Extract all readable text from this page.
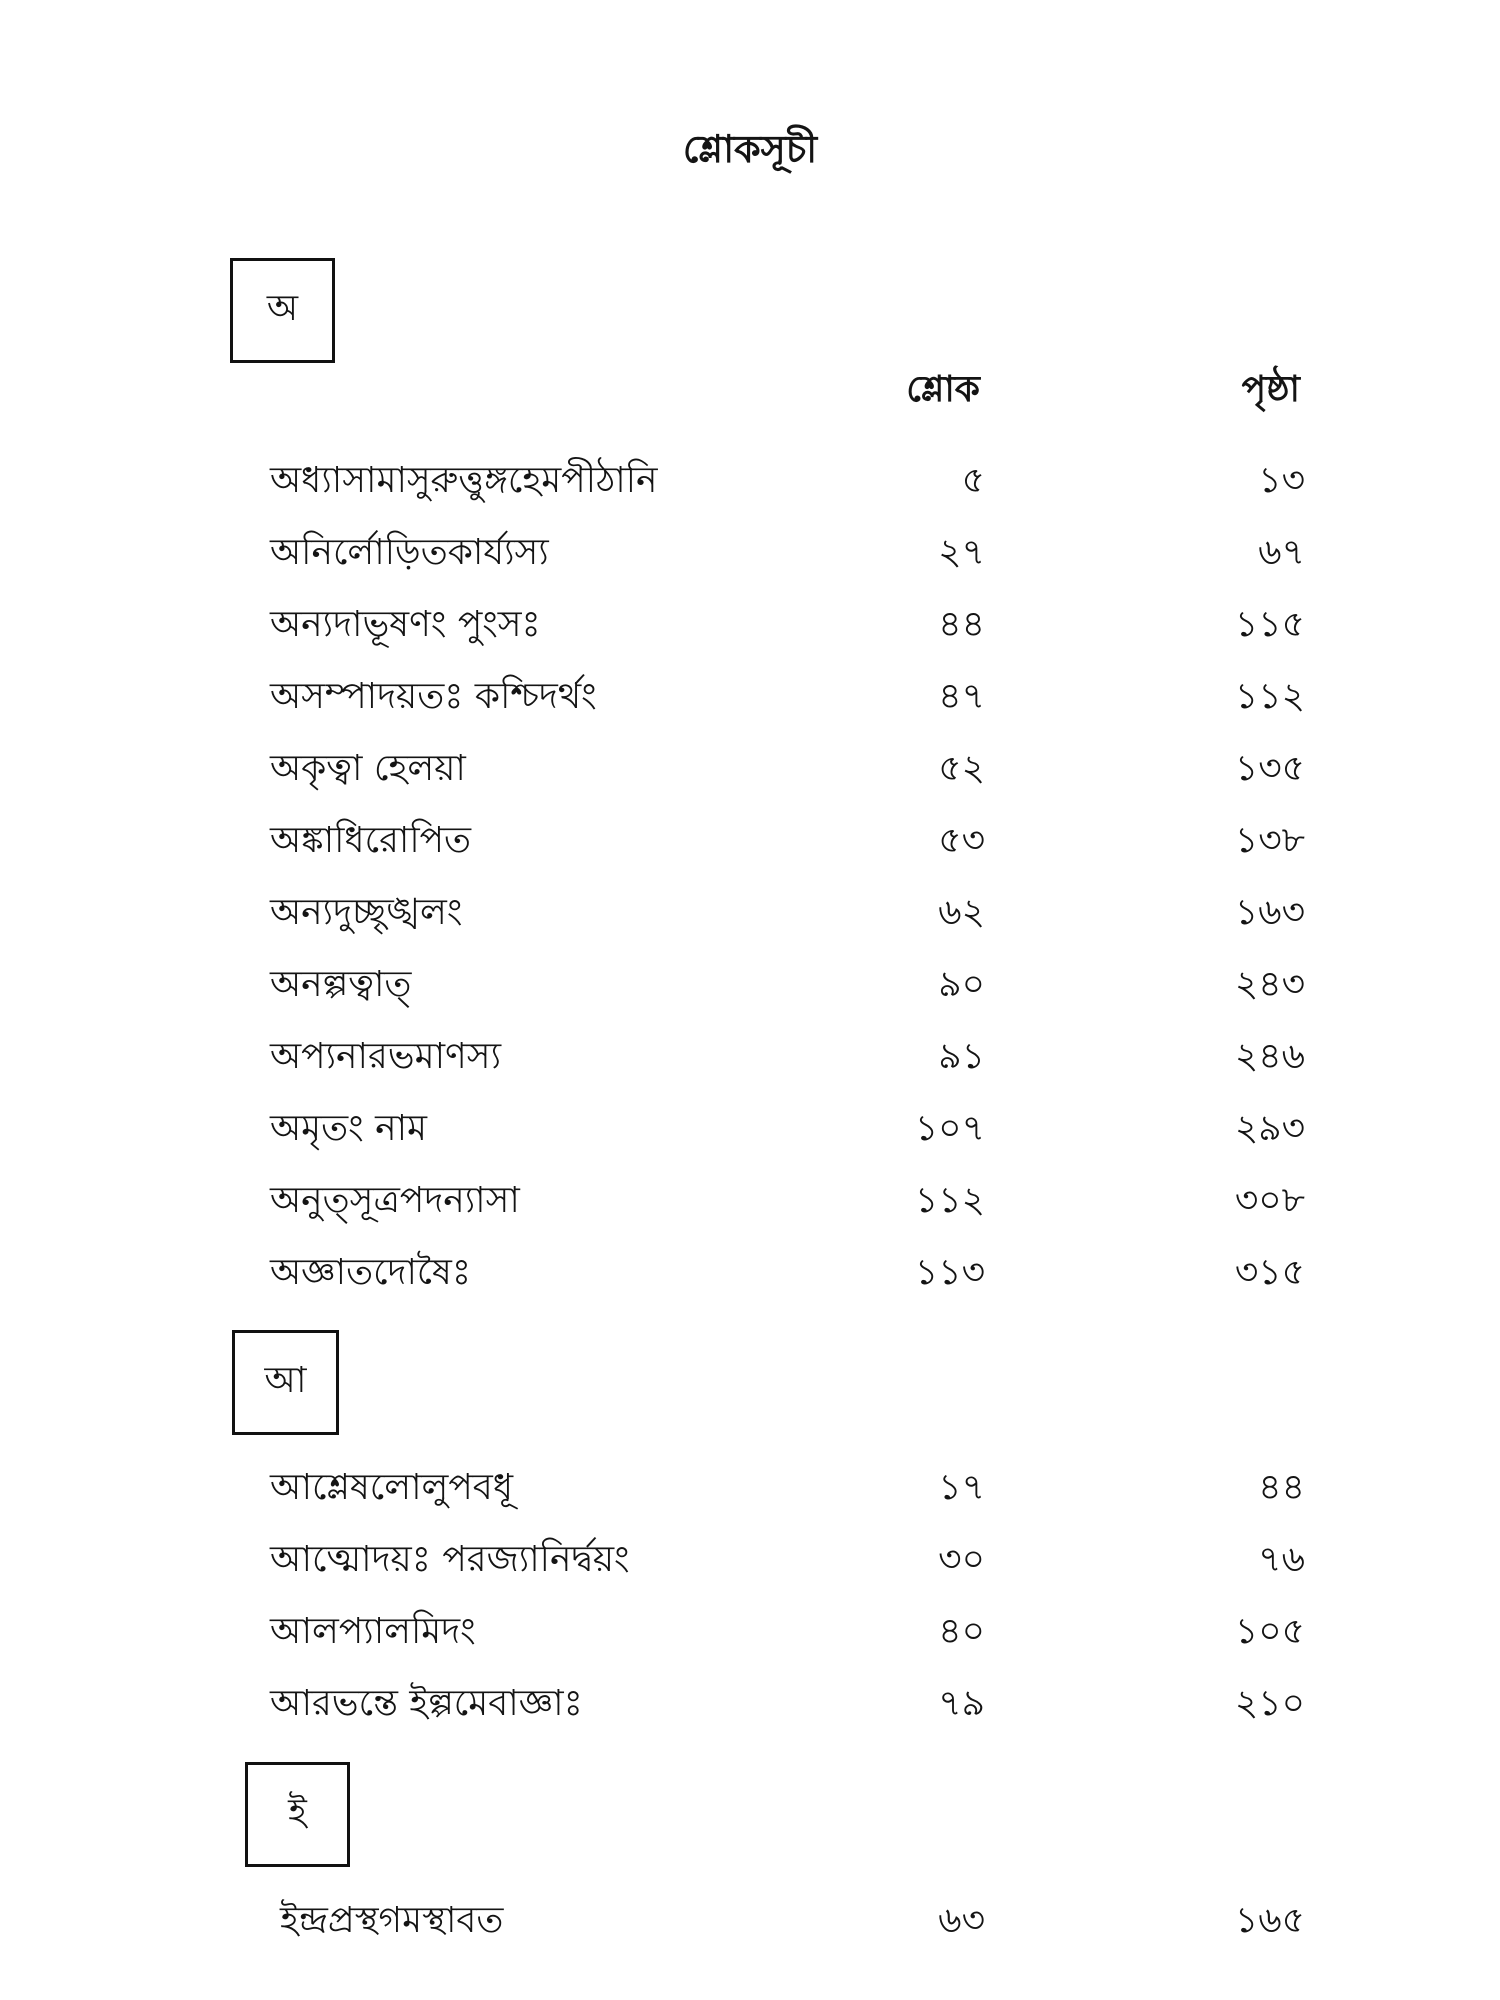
শ্লোকসূচী
অ
শ্লোক	পৃষ্ঠা
অধ্যাসামাসুরুত্তুঙ্গহেমপীঠানি	৫	১৩
অনির্লোড়িতকার্য্যস্য	২৭	৬৭
অন্যদাভূষণং পুংসঃ	৪৪	১১৫
অসম্পাদয়তঃ কশ্চিদর্থং	৪৭	১১২
অকৃত্বা হেলয়া	৫২	১৩৫
অঙ্কাধিরোপিত	৫৩	১৩৮
অন্যদুচ্ছৃঙ্খলং	৬২	১৬৩
অনল্পত্বাত্	৯০	২৪৩
অপ্যনারভমাণস্য	৯১	২৪৬
অমৃতং নাম	১০৭	২৯৩
অনুত্সূত্রপদন্যাসা	১১২	৩০৮
অজ্ঞাতদোষৈঃ	১১৩	৩১৫
আ
আশ্লেষলোলুপবধূ	১৭	৪৪
আত্মোদয়ঃ পরজ্যানির্দ্বয়ং	৩০	৭৬
আলপ্যালমিদং	৪০	১০৫
আরভন্তে ইল্পমেবাজ্ঞাঃ	৭৯	২১০
ই
ইন্দ্রপ্রস্থগমস্থাবত	৬৩	১৬৫
